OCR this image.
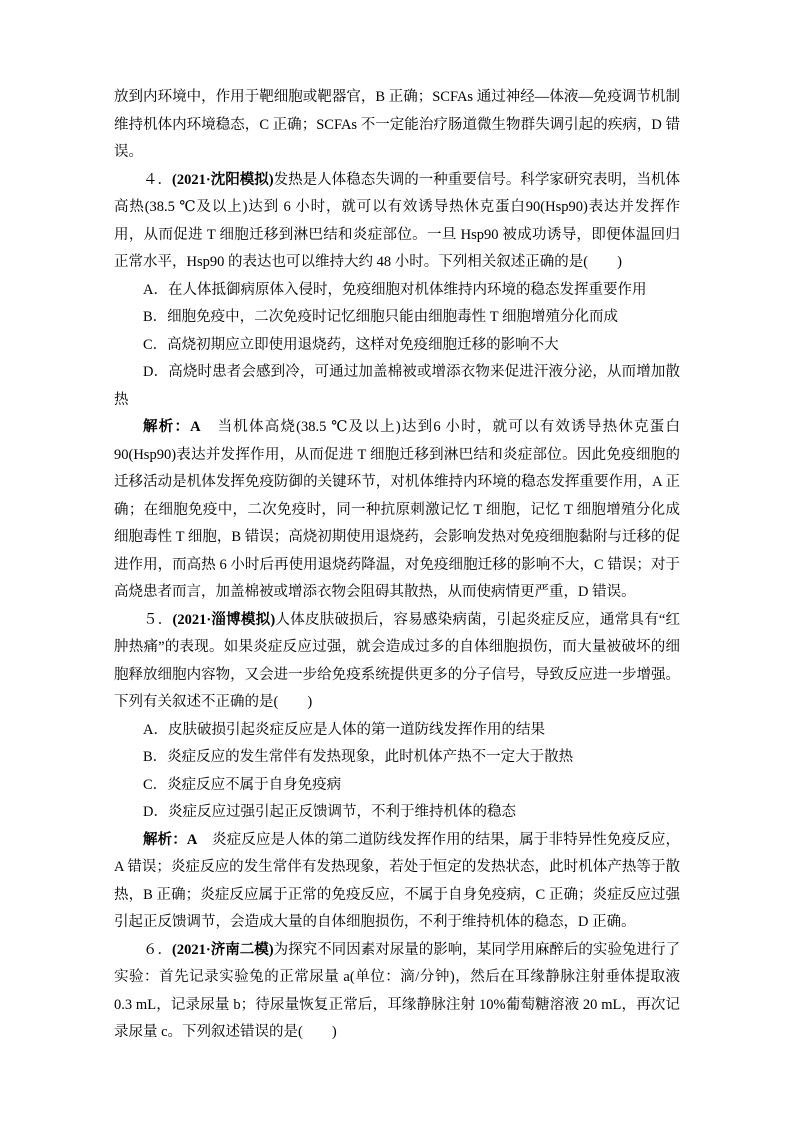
放到内环境中，作用于靶细胞或靶器官，B 正确；SCFAs 通过神经—体液—免疫调节机制维持机体内环境稳态，C 正确；SCFAs 不一定能治疗肠道微生物群失调引起的疾病，D 错误。

４．(2021·沈阳模拟)发热是人体稳态失调的一种重要信号。科学家研究表明，当机体高热(38.5 ℃及以上)达到 6 小时，就可以有效诱导热休克蛋白90(Hsp90)表达并发挥作用，从而促进 T 细胞迁移到淋巴结和炎症部位。一旦 Hsp90 被成功诱导，即便体温回归正常水平，Hsp90 的表达也可以维持大约 48 小时。下列相关叙述正确的是(　　)

A．在人体抵御病原体入侵时，免疫细胞对机体维持内环境的稳态发挥重要作用

B．细胞免疫中，二次免疫时记忆细胞只能由细胞毒性 T 细胞增殖分化而成

C．高烧初期应立即使用退烧药，这样对免疫细胞迁移的影响不大

D．高烧时患者会感到冷，可通过加盖棉被或增添衣物来促进汗液分泌，从而增加散热

解析：A　当机体高烧(38.5 ℃及以上)达到6 小时，就可以有效诱导热休克蛋白90(Hsp90)表达并发挥作用，从而促进 T 细胞迁移到淋巴结和炎症部位。因此免疫细胞的迁移活动是机体发挥免疫防御的关键环节，对机体维持内环境的稳态发挥重要作用，A 正确；在细胞免疫中，二次免疫时，同一种抗原刺激记忆 T 细胞，记忆 T 细胞增殖分化成细胞毒性 T 细胞，B 错误；高烧初期使用退烧药，会影响发热对免疫细胞黏附与迁移的促进作用，而高热 6 小时后再使用退烧药降温，对免疫细胞迁移的影响不大，C 错误；对于高烧患者而言，加盖棉被或增添衣物会阻碍其散热，从而使病情更严重，D 错误。

５．(2021·淄博模拟)人体皮肤破损后，容易感染病菌，引起炎症反应，通常具有“红肿热痛”的表现。如果炎症反应过强，就会造成过多的自体细胞损伤，而大量被破坏的细胞释放细胞内容物，又会进一步给免疫系统提供更多的分子信号，导致反应进一步增强。下列有关叙述不正确的是(　　)

A．皮肤破损引起炎症反应是人体的第一道防线发挥作用的结果

B．炎症反应的发生常伴有发热现象，此时机体产热不一定大于散热

C．炎症反应不属于自身免疫病

D．炎症反应过强引起正反馈调节，不利于维持机体的稳态

解析：A　炎症反应是人体的第二道防线发挥作用的结果，属于非特异性免疫反应，A 错误；炎症反应的发生常伴有发热现象，若处于恒定的发热状态，此时机体产热等于散热，B 正确；炎症反应属于正常的免疫反应，不属于自身免疫病，C 正确；炎症反应过强引起正反馈调节，会造成大量的自体细胞损伤，不利于维持机体的稳态，D 正确。

６．(2021·济南二模)为探究不同因素对尿量的影响，某同学用麻醉后的实验兔进行了实验：首先记录实验兔的正常尿量 a(单位：滴/分钟)，然后在耳缘静脉注射垂体提取液 0.3 mL，记录尿量 b；待尿量恢复正常后，耳缘静脉注射 10%葡萄糖溶液 20 mL，再次记录尿量 c。下列叙述错误的是(　　)
